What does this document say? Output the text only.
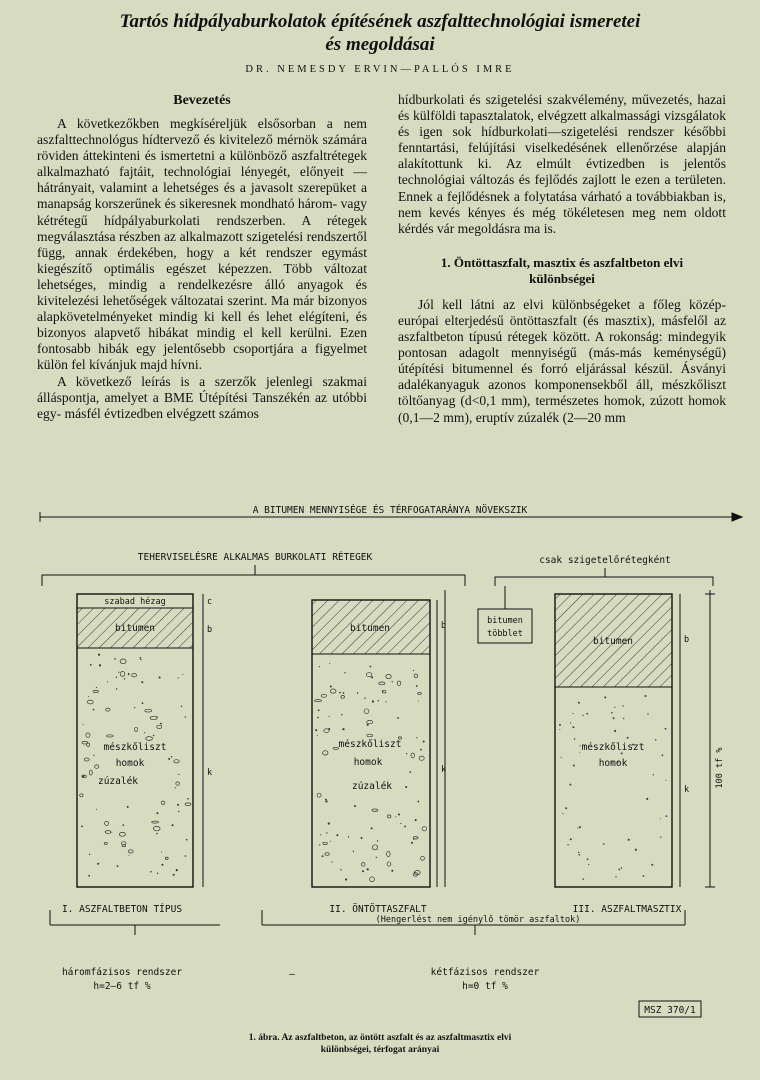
Tartós hídpályaburkolatok építésének aszfalttechnológiai ismeretei
és megoldásai
DR. NEMESDY ERVIN—PALLÓS IMRE
Bevezetés

A következőkben megkíséreljük elsősorban a nem aszfalttechnológus hídtervező és kivitelező mérnök számára röviden áttekinteni és ismertetni a különböző aszfaltrétegek alkalmazható fajtáit, technológiai lényegét, előnyeit — hátrányait, valamint a lehetséges és a javasolt szerepüket a manapság korszerűnek és sikeresnek mondható három- vagy kétrétegű hídpályaburkolati rendszerben. A rétegek megválasztása részben az alkalmazott szigetelési rendszertől függ, annak érdekében, hogy a két rendszer egymást kiegészítő optimális egészet képezzen. Több változat lehetséges, mindig a rendelkezésre álló anyagok és kivitelezési lehetőségek változatai szerint. Ma már bizonyos alapkövetelményeket mindig ki kell és lehet elégíteni, és bizonyos alapvető hibákat mindig el kell kerülni. Ezen fontosabb hibák egy jelentősebb csoportjára a figyelmet külön fel kívánjuk majd hívni.

A következő leírás is a szerzők jelenlegi szakmai álláspontja, amelyet a BME Útépítési Tanszékén az utóbbi egy- másfél évtizedben elvégzett számos

hídburkolati és szigetelési szakvélemény, művezetés, hazai és külföldi tapasztalatok, elvégzett alkalmassági vizsgálatok és igen sok hídburkolati—szigetelési rendszer későbbi fenntartási, felújítási viselkedésének ellenőrzése alapján alakítottunk ki. Az elmúlt évtizedben is jelentős technológiai változás és fejlődés zajlott le ezen a területen. Ennek a fejlődésnek a folytatása várható a továbbiakban is, nem kevés kényes és még tökéletesen meg nem oldott kérdés vár megoldásra ma is.

1. Öntöttaszfalt, masztix és aszfaltbeton elvi különbségei

Jól kell látni az elvi különbségeket a főleg közép-európai elterjedésű öntöttaszfalt (és masztix), másfelől az aszfaltbeton típusú rétegek között. A rokonság: mindegyik pontosan adagolt mennyiségű (más-más keménységű) útépítési bitumennel és forró eljárással készül. Ásványi adalékanyaguk azonos komponensekből áll, mészkőliszt töltőanyag (d<0,1 mm), természetes homok, zúzott homok (0,1—2 mm), eruptív zúzalék (2—20 mm

A BITUMEN MENNYISÉGE ÉS TÉRFOGATARÁNYA NÖVEKSZIK
TEHERVISELÉSRE ALKALMAS BURKOLATI RÉTEGEK	csak szigetelőrétegként
szabad hézag
bitumen
mészkőliszt
homok
zúzalék
c
b
k
bitumen
mészkőliszt
homok
zúzalék
b
k
bitumen
többlet
bitumen
mészkőliszt
homok
b
k
100 tf %
I. ASZFALTBETON TÍPUS	II. ÖNTÖTTASZFALT	III. ASZFALTMASZTIX
(Hengerlést nem igénylő tömör aszfaltok)
háromfázisos rendszer
h=2–6 tf %
—	kétfázisos rendszer
h=0 tf %
MSZ 370/1
1. ábra. Az aszfaltbeton, az öntött aszfalt és az aszfaltmasztix elvi
különbségei, térfogat arányai
